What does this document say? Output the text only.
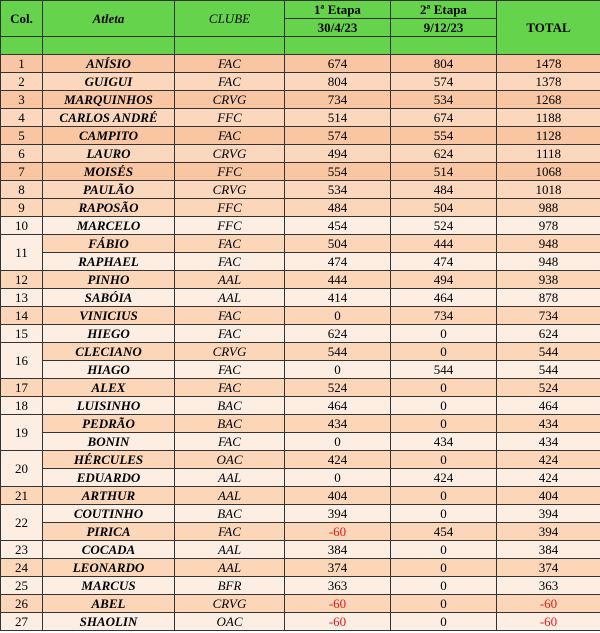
Col.	Atleta	CLUBE	1ª Etapa	2ª Etapa	TOTAL
			30/4/23	9/12/23	

1	ANÍSIO	FAC	674	804	1478
2	GUIGUI	FAC	804	574	1378
3	MARQUINHOS	CRVG	734	534	1268
4	CARLOS ANDRÉ	FFC	514	674	1188
5	CAMPITO	FAC	574	554	1128
6	LAURO	CRVG	494	624	1118
7	MOISÉS	FFC	554	514	1068
8	PAULÃO	CRVG	534	484	1018
9	RAPOSÃO	FFC	484	504	988
10	MARCELO	FFC	454	524	978
11	FÁBIO	FAC	504	444	948
	RAPHAEL	FAC	474	474	948
12	PINHO	AAL	444	494	938
13	SABÓIA	AAL	414	464	878
14	VINICIUS	FAC	0	734	734
15	HIEGO	FAC	624	0	624
16	CLECIANO	CRVG	544	0	544
	HIAGO	FAC	0	544	544
17	ALEX	FAC	524	0	524
18	LUISINHO	BAC	464	0	464
19	PEDRÃO	BAC	434	0	434
	BONIN	FAC	0	434	434
20	HÉRCULES	OAC	424	0	424
	EDUARDO	AAL	0	424	424
21	ARTHUR	AAL	404	0	404
22	COUTINHO	BAC	394	0	394
	PIRICA	FAC	-60	454	394
23	COCADA	AAL	384	0	384
24	LEONARDO	AAL	374	0	374
25	MARCUS	BFR	363	0	363
26	ABEL	CRVG	-60	0	-60
27	SHAOLIN	OAC	-60	0	-60
